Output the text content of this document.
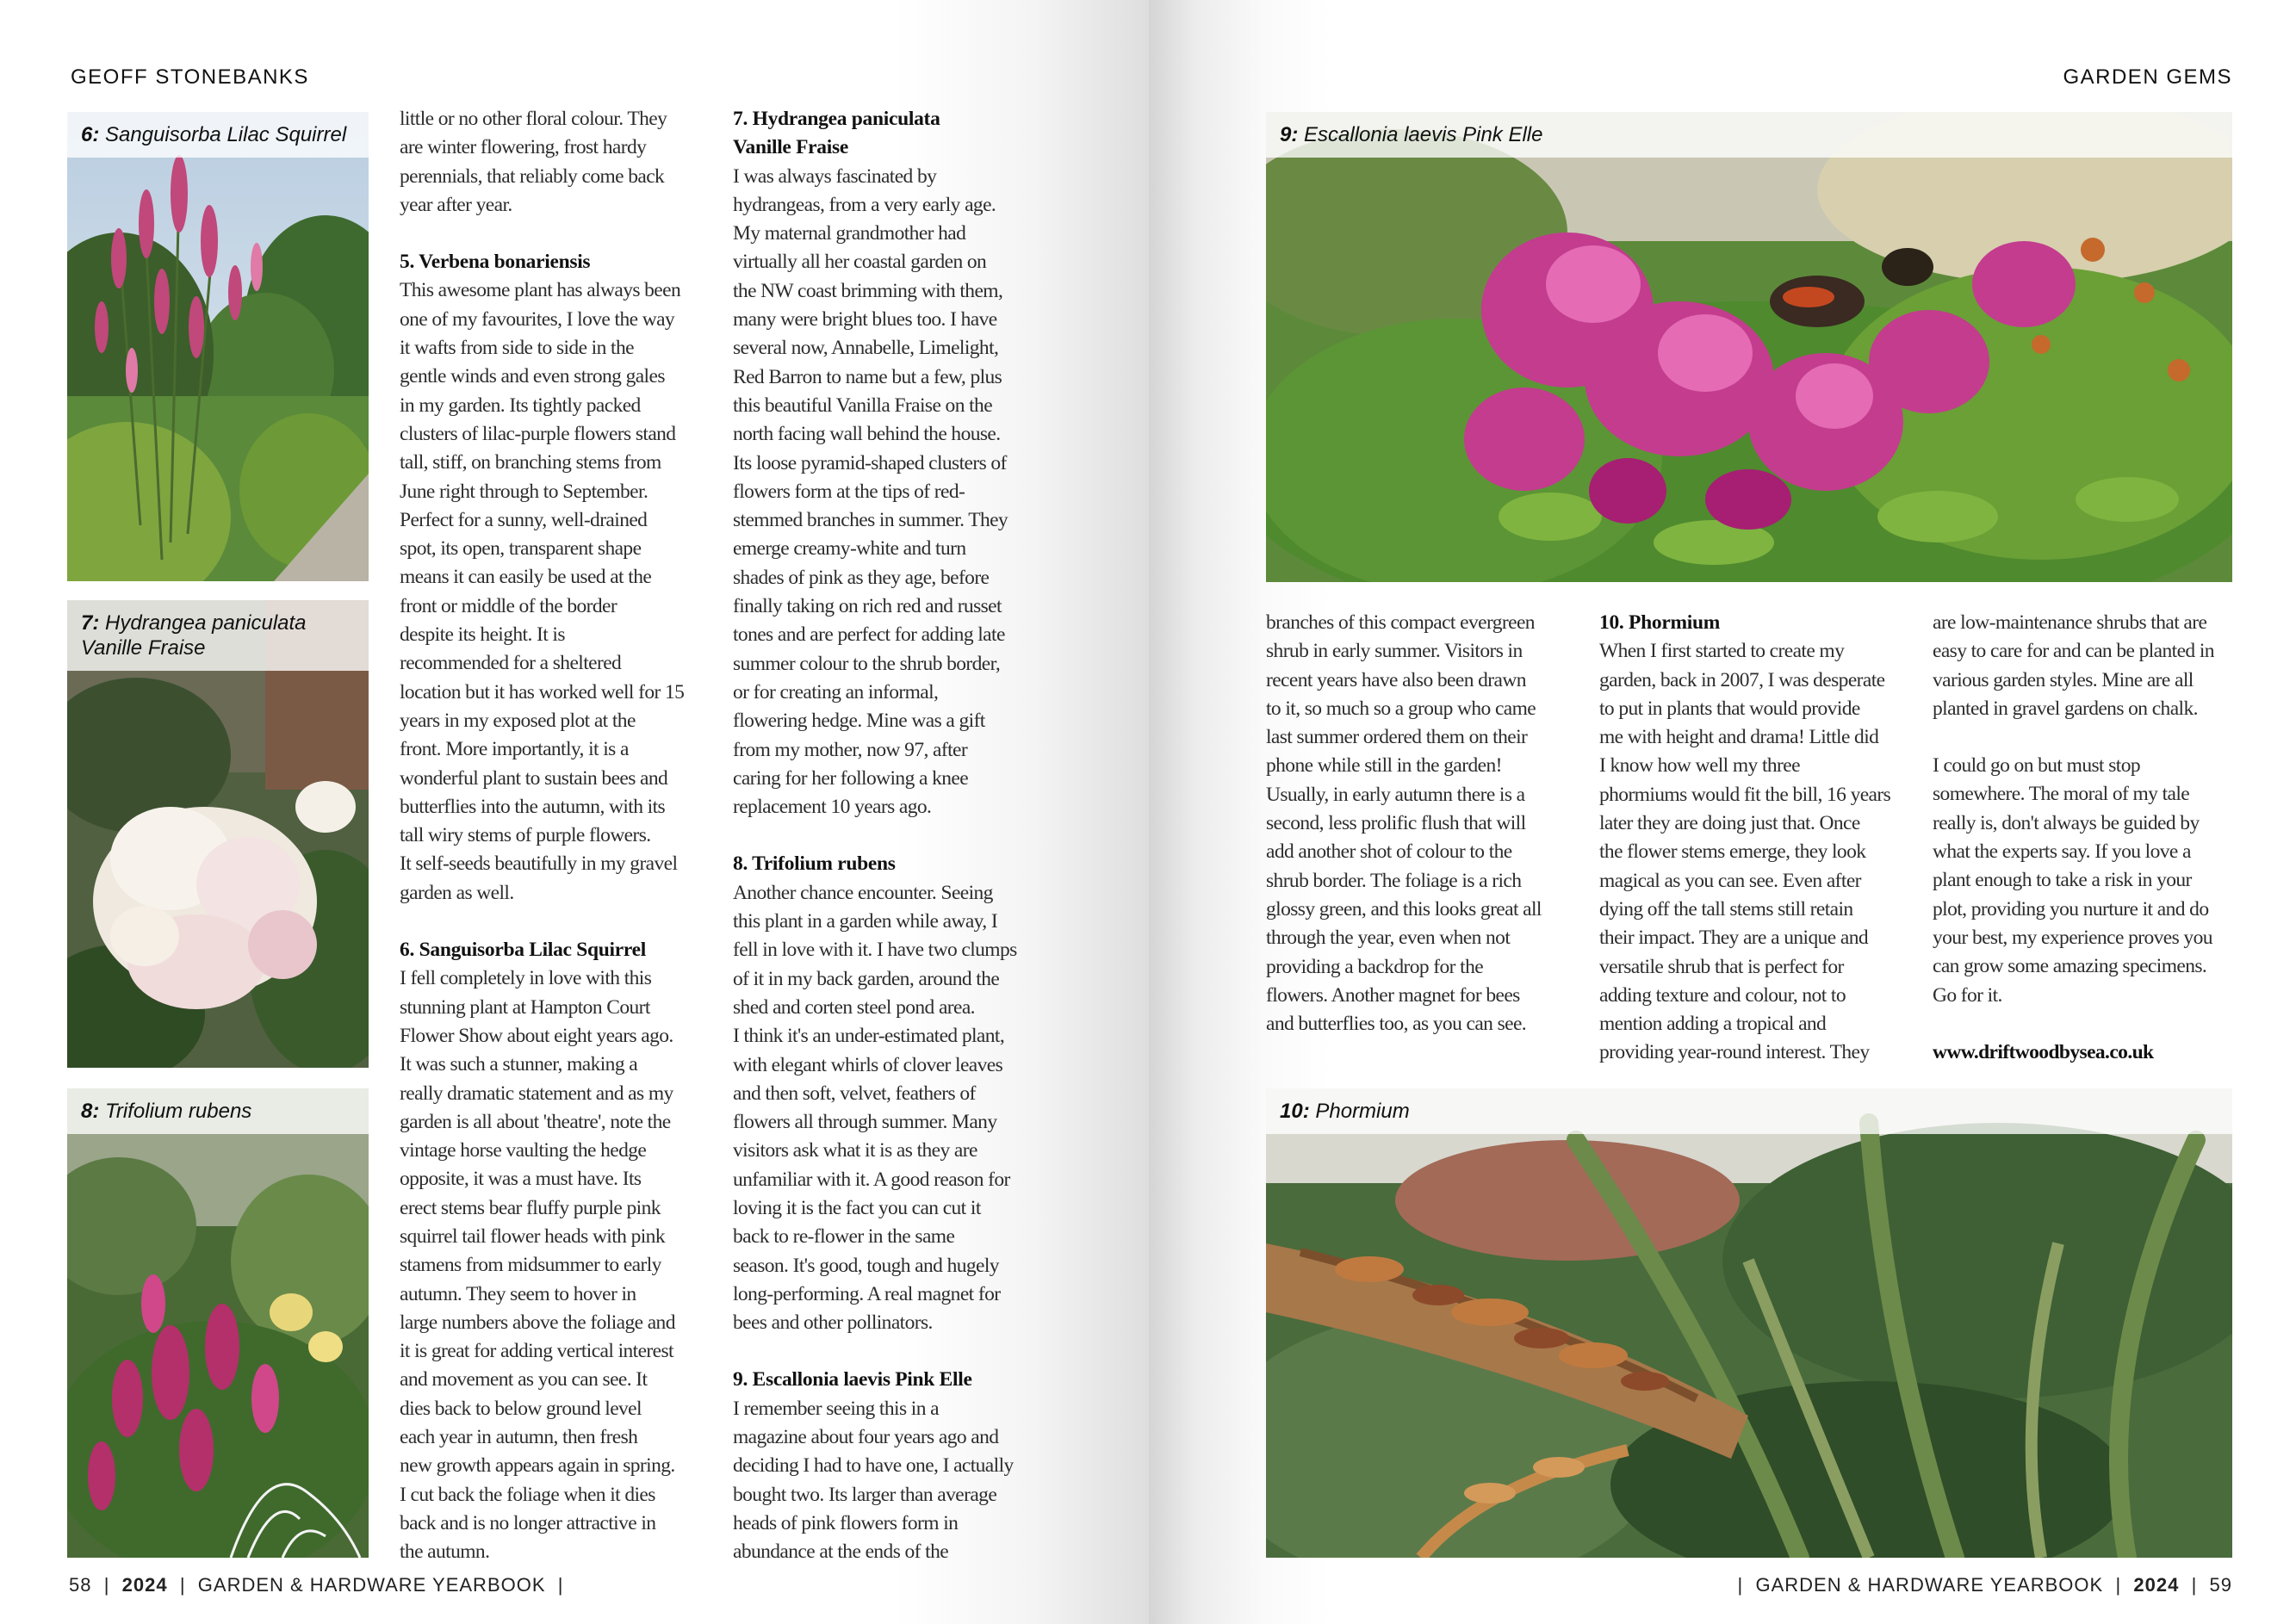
GEOFF STONEBANKS
6: Sanguisorba Lilac Squirrel
7: Hydrangea paniculata
Vanille Fraise
8: Trifolium rubens

little or no other floral colour. They
are winter flowering, frost hardy
perennials, that reliably come back
year after year.

5. Verbena bonariensis

This awesome plant has always been
one of my favourites, I love the way
it wafts from side to side in the
gentle winds and even strong gales
in my garden. Its tightly packed
clusters of lilac-purple flowers stand
tall, stiff, on branching stems from
June right through to September.
Perfect for a sunny, well-drained
spot, its open, transparent shape
means it can easily be used at the
front or middle of the border
despite its height. It is
recommended for a sheltered
location but it has worked well for 15
years in my exposed plot at the
front. More importantly, it is a
wonderful plant to sustain bees and
butterflies into the autumn, with its
tall wiry stems of purple flowers.
It self-seeds beautifully in my gravel
garden as well.

6. Sanguisorba Lilac Squirrel

I fell completely in love with this
stunning plant at Hampton Court
Flower Show about eight years ago.
It was such a stunner, making a
really dramatic statement and as my
garden is all about 'theatre', note the
vintage horse vaulting the hedge
opposite, it was a must have. Its
erect stems bear fluffy purple pink
squirrel tail flower heads with pink
stamens from midsummer to early
autumn. They seem to hover in
large numbers above the foliage and
it is great for adding vertical interest
and movement as you can see. It
dies back to below ground level
each year in autumn, then fresh
new growth appears again in spring.
I cut back the foliage when it dies
back and is no longer attractive in
the autumn.

7. Hydrangea paniculata
Vanille Fraise

I was always fascinated by
hydrangeas, from a very early age.
My maternal grandmother had
virtually all her coastal garden on
the NW coast brimming with them,
many were bright blues too. I have
several now, Annabelle, Limelight,
Red Barron to name but a few, plus
this beautiful Vanilla Fraise on the
north facing wall behind the house.
Its loose pyramid-shaped clusters of
flowers form at the tips of red-
stemmed branches in summer. They
emerge creamy-white and turn
shades of pink as they age, before
finally taking on rich red and russet
tones and are perfect for adding late
summer colour to the shrub border,
or for creating an informal,
flowering hedge. Mine was a gift
from my mother, now 97, after
caring for her following a knee
replacement 10 years ago.

8. Trifolium rubens

Another chance encounter. Seeing
this plant in a garden while away, I
fell in love with it. I have two clumps
of it in my back garden, around the
shed and corten steel pond area.
I think it's an under-estimated plant,
with elegant whirls of clover leaves
and then soft, velvet, feathers of
flowers all through summer. Many
visitors ask what it is as they are
unfamiliar with it. A good reason for
loving it is the fact you can cut it
back to re-flower in the same
season. It's good, tough and hugely
long-performing. A real magnet for
bees and other pollinators.

9. Escallonia laevis Pink Elle

I remember seeing this in a
magazine about four years ago and
deciding I had to have one, I actually
bought two. Its larger than average
heads of pink flowers form in
abundance at the ends of the

58  |  2024  |  GARDEN & HARDWARE YEARBOOK  |
GARDEN GEMS
9: Escallonia laevis Pink Elle
10: Phormium

branches of this compact evergreen
shrub in early summer. Visitors in
recent years have also been drawn
to it, so much so a group who came
last summer ordered them on their
phone while still in the garden!
Usually, in early autumn there is a
second, less prolific flush that will
add another shot of colour to the
shrub border. The foliage is a rich
glossy green, and this looks great all
through the year, even when not
providing a backdrop for the
flowers. Another magnet for bees
and butterflies too, as you can see.

10. Phormium

When I first started to create my
garden, back in 2007, I was desperate
to put in plants that would provide
me with height and drama! Little did
I know how well my three
phormiums would fit the bill, 16 years
later they are doing just that. Once
the flower stems emerge, they look
magical as you can see. Even after
dying off the tall stems still retain
their impact. They are a unique and
versatile shrub that is perfect for
adding texture and colour, not to
mention adding a tropical and
providing year-round interest. They

are low-maintenance shrubs that are
easy to care for and can be planted in
various garden styles. Mine are all
planted in gravel gardens on chalk.

I could go on but must stop
somewhere. The moral of my tale
really is, don't always be guided by
what the experts say. If you love a
plant enough to take a risk in your
plot, providing you nurture it and do
your best, my experience proves you
can grow some amazing specimens.
Go for it.

www.driftwoodbysea.co.uk

|  GARDEN & HARDWARE YEARBOOK  |  2024  |  59
